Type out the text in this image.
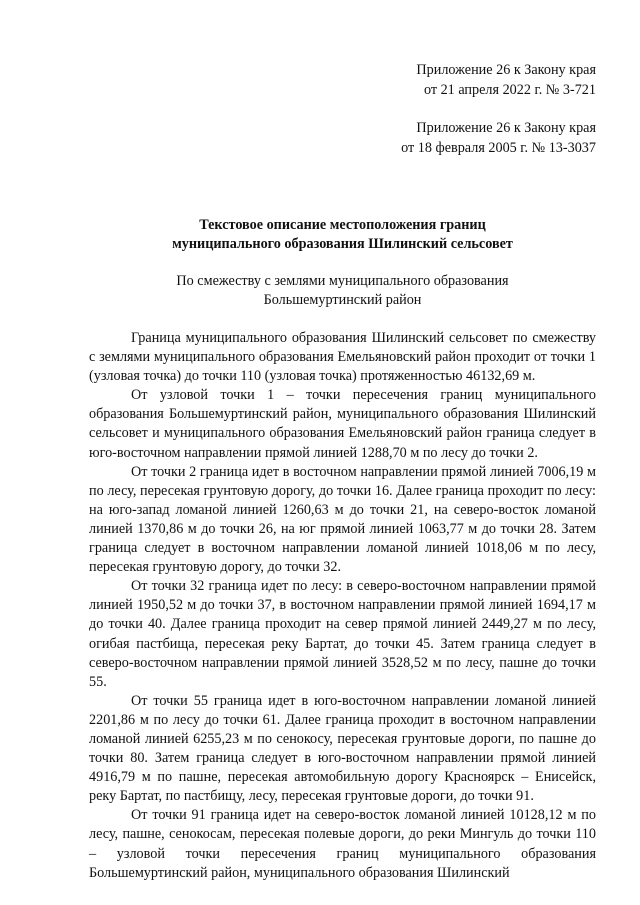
Приложение 26 к Закону края

от 21 апреля 2022 г. № 3-721

Приложение 26 к Закону края

от 18 февраля 2005 г. № 13-3037

Текстовое описание местоположения границ

муниципального образования Шилинский сельсовет

По смежеству с землями муниципального образования

Большемуртинский район

Граница муниципального образования Шилинский сельсовет по смежеству с землями муниципального образования Емельяновский район проходит от точки 1 (узловая точка) до точки 110 (узловая точка) протяженностью 46132,69 м.

От узловой точки 1 – точки пересечения границ муниципального образования Большемуртинский район, муниципального образования Шилинский сельсовет и муниципального образования Емельяновский район граница следует в юго-восточном направлении прямой линией 1288,70 м по лесу до точки 2.

От точки 2 граница идет в восточном направлении прямой линией 7006,19 м по лесу, пересекая грунтовую дорогу, до точки 16. Далее граница проходит по лесу: на юго-запад ломаной линией 1260,63 м до точки 21, на северо-восток ломаной линией 1370,86 м до точки 26, на юг прямой линией 1063,77 м до точки 28. Затем граница следует в восточном направлении ломаной линией 1018,06 м по лесу, пересекая грунтовую дорогу, до точки 32.

От точки 32 граница идет по лесу: в северо-восточном направлении прямой линией 1950,52 м до точки 37, в восточном направлении прямой линией 1694,17 м до точки 40. Далее граница проходит на север прямой линией 2449,27 м по лесу, огибая пастбища, пересекая реку Бартат, до точки 45. Затем граница следует в северо-восточном направлении прямой линией 3528,52 м по лесу, пашне до точки 55.

От точки 55 граница идет в юго-восточном направлении ломаной линией 2201,86 м по лесу до точки 61. Далее граница проходит в восточном направлении ломаной линией 6255,23 м по сенокосу, пересекая грунтовые дороги, по пашне до точки 80. Затем граница следует в юго-восточном направлении прямой линией 4916,79 м по пашне, пересекая автомобильную дорогу Красноярск – Енисейск, реку Бартат, по пастбищу, лесу, пересекая грунтовые дороги, до точки 91.

От точки 91 граница идет на северо-восток ломаной линией 10128,12 м по лесу, пашне, сенокосам, пересекая полевые дороги, до реки Мингуль до точки 110 – узловой точки пересечения границ муниципального образования Большемуртинский район, муниципального образования Шилинский
